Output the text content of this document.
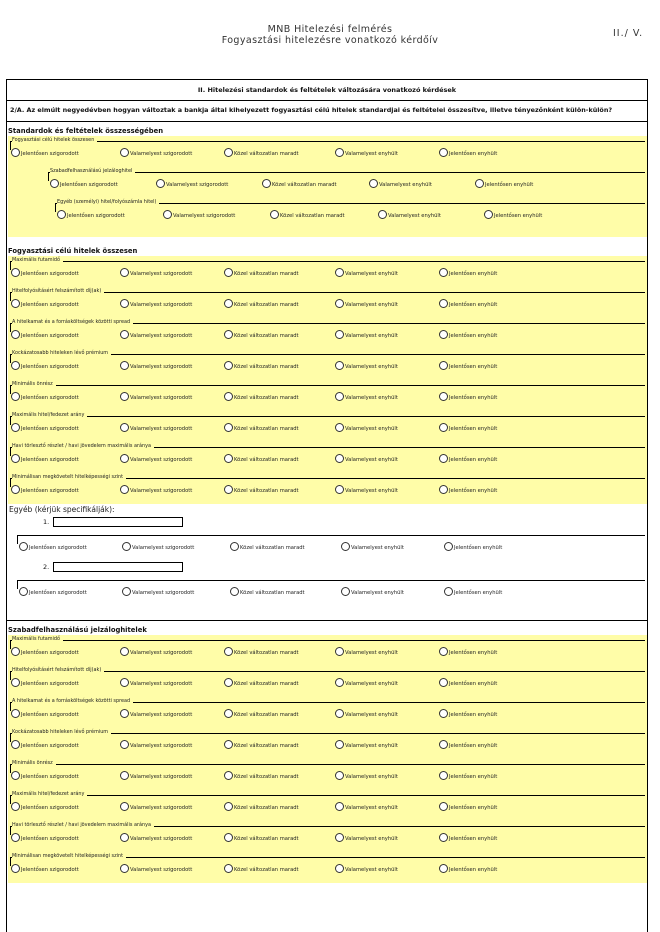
MNB Hitelezési felmérés
Fogyasztási hitelezésre vonatkozó kérdőív
II./ V.
II. Hitelezési standardok és feltételek változására vonatkozó kérdések
2/A. Az elmúlt negyedévben hogyan változtak a bankja által kihelyezett fogyasztási célú hitelek standardjai és feltételei összesítve, illetve tényezőnként külön-külön?
Standardok és feltételek összességében
Fogyasztási célú hitelek összesen
Jelentősen szigorodott	Valamelyest szigorodott	Közel változatlan maradt	Valamelyest enyhült	Jelentősen enyhült
Szabadfelhasználású jelzáloghitel
Jelentősen szigorodott	Valamelyest szigorodott	Közel változatlan maradt	Valamelyest enyhült	Jelentősen enyhült
Egyéb (személyi) hitel/folyószámla hitel)
Jelentősen szigorodott	Valamelyest szigorodott	Közel változatlan maradt	Valamelyest enyhült	Jelentősen enyhült
Fogyasztási célú hitelek összesen
Maximális futamidő
Jelentősen szigorodott	Valamelyest szigorodott	Közel változatlan maradt	Valamelyest enyhült	Jelentősen enyhült
Hitelfolyósításért felszámított díj(ak)
Jelentősen szigorodott	Valamelyest szigorodott	Közel változatlan maradt	Valamelyest enyhült	Jelentősen enyhült
A hitelkamat és a forrásköltségek közötti spread
Jelentősen szigorodott	Valamelyest szigorodott	Közel változatlan maradt	Valamelyest enyhült	Jelentősen enyhült
Kockázatosabb hiteleken lévő prémium
Jelentősen szigorodott	Valamelyest szigorodott	Közel változatlan maradt	Valamelyest enyhült	Jelentősen enyhült
Minimális önrész
Jelentősen szigorodott	Valamelyest szigorodott	Közel változatlan maradt	Valamelyest enyhült	Jelentősen enyhült
Maximális hitel/fedezet arány
Jelentősen szigorodott	Valamelyest szigorodott	Közel változatlan maradt	Valamelyest enyhült	Jelentősen enyhült
Havi törlesztő részlet / havi jövedelem maximális aránya
Jelentősen szigorodott	Valamelyest szigorodott	Közel változatlan maradt	Valamelyest enyhült	Jelentősen enyhült
Minimálisan megkövetelt hitelképességi szint
Jelentősen szigorodott	Valamelyest szigorodott	Közel változatlan maradt	Valamelyest enyhült	Jelentősen enyhült
Egyéb (kérjük specifikálják):
1.
Jelentősen szigorodott	Valamelyest szigorodott	Közel változatlan maradt	Valamelyest enyhült	Jelentősen enyhült
2.
Jelentősen szigorodott	Valamelyest szigorodott	Közel változatlan maradt	Valamelyest enyhült	Jelentősen enyhült
Szabadfelhasználású jelzáloghitelek
Maximális futamidő
Jelentősen szigorodott	Valamelyest szigorodott	Közel változatlan maradt	Valamelyest enyhült	Jelentősen enyhült
Hitelfolyósításért felszámított díj(ak)
Jelentősen szigorodott	Valamelyest szigorodott	Közel változatlan maradt	Valamelyest enyhült	Jelentősen enyhült
A hitelkamat és a forrásköltségek közötti spread
Jelentősen szigorodott	Valamelyest szigorodott	Közel változatlan maradt	Valamelyest enyhült	Jelentősen enyhült
Kockázatosabb hiteleken lévő prémium
Jelentősen szigorodott	Valamelyest szigorodott	Közel változatlan maradt	Valamelyest enyhült	Jelentősen enyhült
Minimális önrész
Jelentősen szigorodott	Valamelyest szigorodott	Közel változatlan maradt	Valamelyest enyhült	Jelentősen enyhült
Maximális hitel/fedezet arány
Jelentősen szigorodott	Valamelyest szigorodott	Közel változatlan maradt	Valamelyest enyhült	Jelentősen enyhült
Havi törlesztő részlet / havi jövedelem maximális aránya
Jelentősen szigorodott	Valamelyest szigorodott	Közel változatlan maradt	Valamelyest enyhült	Jelentősen enyhült
Minimálisan megkövetelt hitelképességi szint
Jelentősen szigorodott	Valamelyest szigorodott	Közel változatlan maradt	Valamelyest enyhült	Jelentősen enyhült
